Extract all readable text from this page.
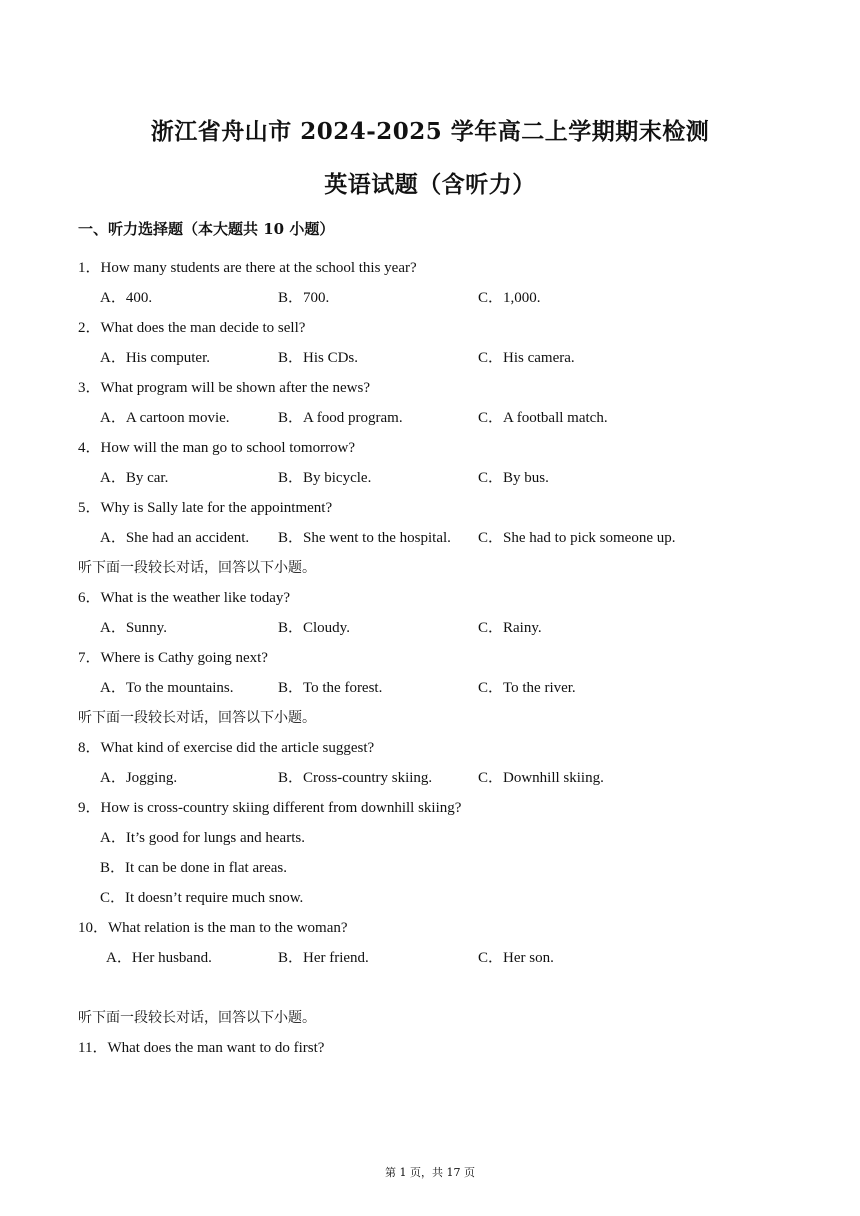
浙江省舟山市 2024-2025 学年高二上学期期末检测
英语试题（含听力）
一、听力选择题（本大题共 10 小题）
1．How many students are there at the school this year?
A．400.	B．700.	C．1,000.
2．What does the man decide to sell?
A．His computer.	B．His CDs.	C．His camera.
3．What program will be shown after the news?
A．A cartoon movie.	B．A food program.	C．A football match.
4．How will the man go to school tomorrow?
A．By car.	B．By bicycle.	C．By bus.
5．Why is Sally late for the appointment?
A．She had an accident. B．She went to the hospital. C．She had to pick someone up.
听下面一段较长对话，回答以下小题。
6．What is the weather like today?
A．Sunny.	B．Cloudy.	C．Rainy.
7．Where is Cathy going next?
A．To the mountains.	B．To the forest.	C．To the river.
听下面一段较长对话，回答以下小题。
8．What kind of exercise did the article suggest?
A．Jogging.	B．Cross-country skiing.	C．Downhill skiing.
9．How is cross-country skiing different from downhill skiing?
A．It’s good for lungs and hearts.
B．It can be done in flat areas.
C．It doesn’t require much snow.
10．What relation is the man to the woman?
A．Her husband.	B．Her friend.	C．Her son.
听下面一段较长对话，回答以下小题。
11．What does the man want to do first?
第 1 页，共 17 页
